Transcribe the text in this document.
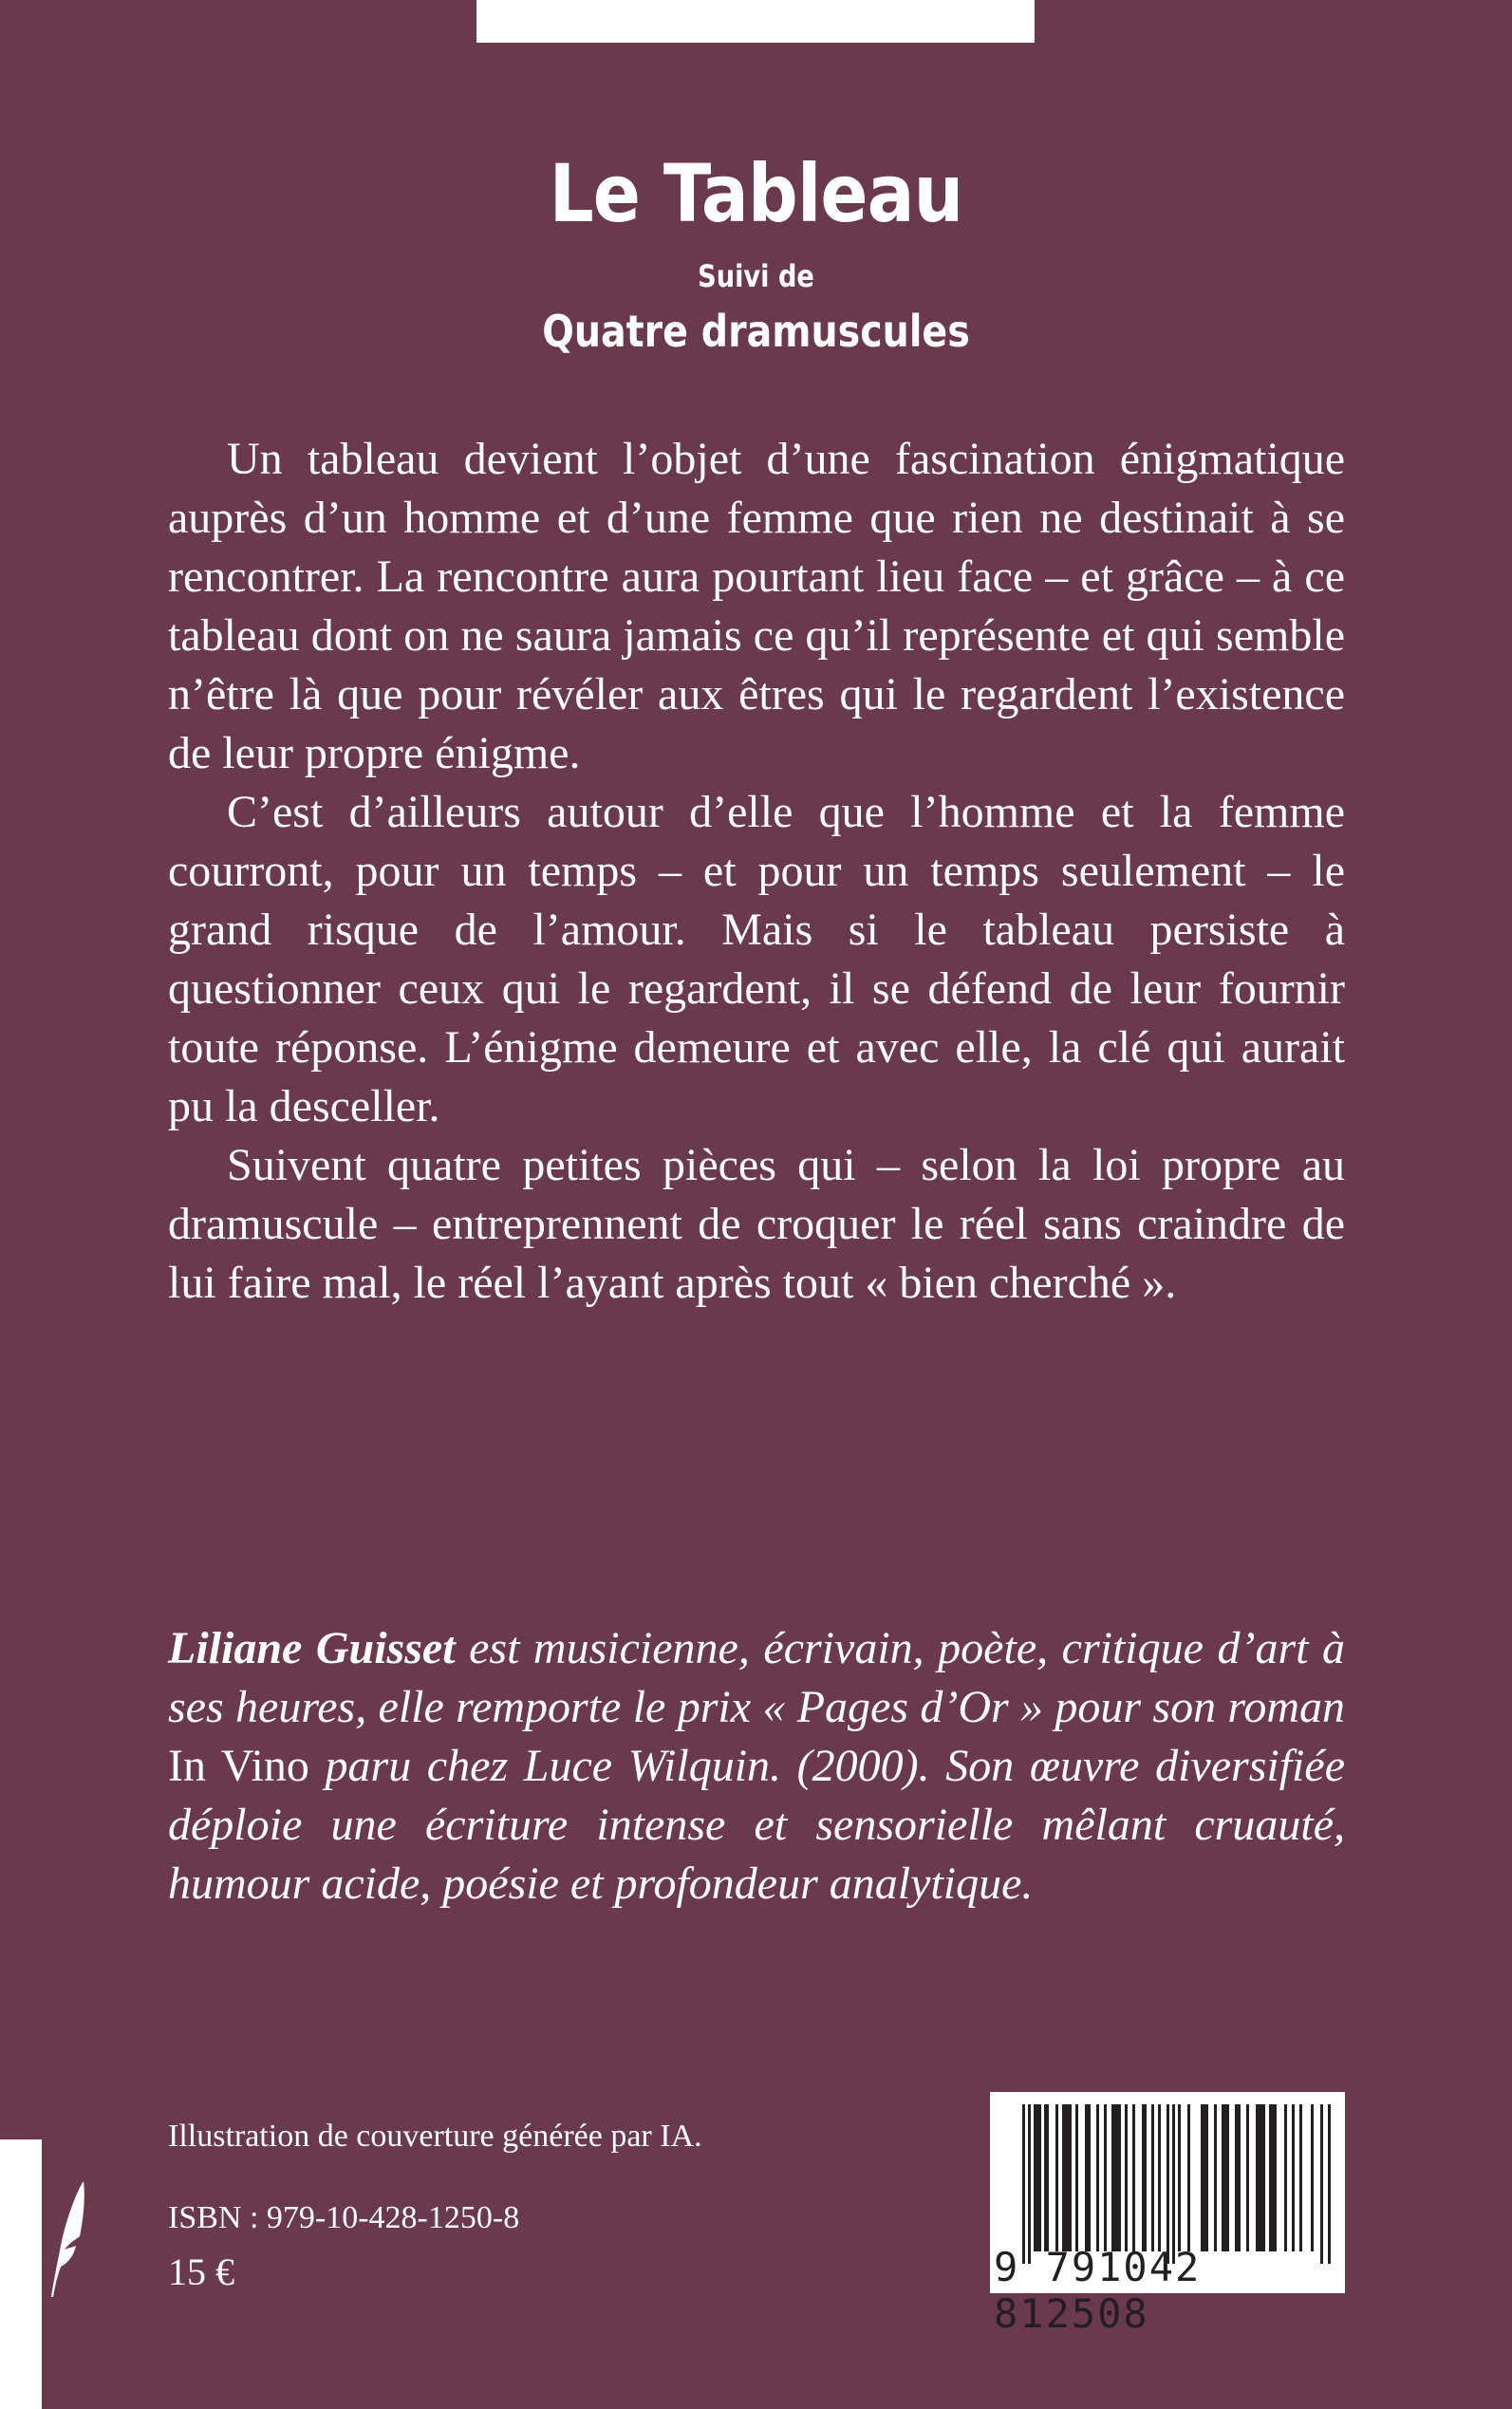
Le Tableau
Suivi de
Quatre dramuscules

Un tableau devient l’objet d’une fascination énigmatique auprès d’un homme et d’une femme que rien ne destinait à se rencontrer. La rencontre aura pourtant lieu face – et grâce – à ce tableau dont on ne saura jamais ce qu’il représente et qui semble n’être là que pour révéler aux êtres qui le regardent l’existence de leur propre énigme.

C’est d’ailleurs autour d’elle que l’homme et la femme courront, pour un temps – et pour un temps seulement – le grand risque de l’amour. Mais si le tableau persiste à questionner ceux qui le regardent, il se défend de leur fournir toute réponse. L’énigme demeure et avec elle, la clé qui aurait pu la desceller.

Suivent quatre petites pièces qui – selon la loi propre au dramuscule – entreprennent de croquer le réel sans craindre de lui faire mal, le réel l’ayant après tout « bien cherché ».

Liliane Guisset est musicienne, écrivain, poète, critique d’art à ses heures, elle remporte le prix « Pages d’Or » pour son roman In Vino paru chez Luce Wilquin. (2000). Son œuvre diversifiée déploie une écriture intense et sensorielle mêlant cruauté, humour acide, poésie et profondeur analytique.
Illustration de couverture générée par IA.
ISBN : 979-10-428-1250-8
15 €	9 791042 812508
